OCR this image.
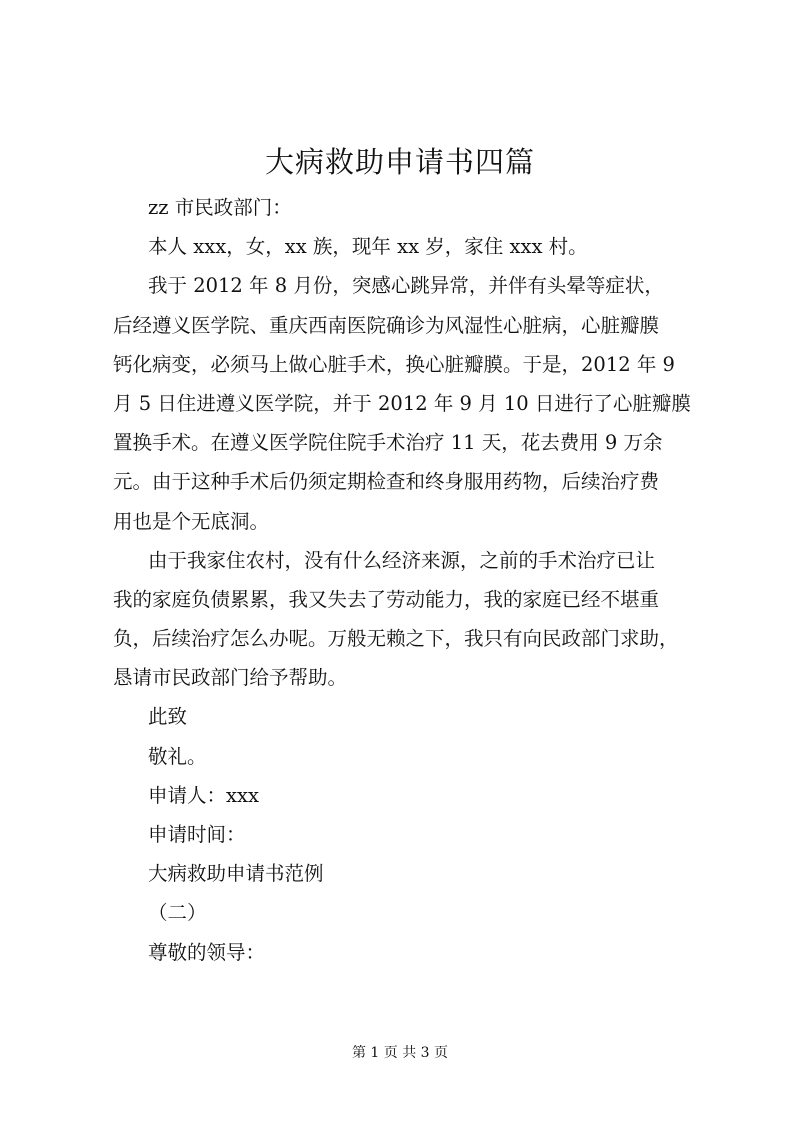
大病救助申请书四篇
zz 市民政部门：
本人 xxx，女，xx 族，现年 xx 岁，家住 xxx 村。
我于 2012 年 8 月份，突感心跳异常，并伴有头晕等症状，
后经遵义医学院、重庆西南医院确诊为风湿性心脏病，心脏瓣膜
钙化病变，必须马上做心脏手术，换心脏瓣膜。于是，2012 年 9
月 5 日住进遵义医学院，并于 2012 年 9 月 10 日进行了心脏瓣膜
置换手术。在遵义医学院住院手术治疗 11 天，花去费用 9 万余
元。由于这种手术后仍须定期检查和终身服用药物，后续治疗费
用也是个无底洞。
由于我家住农村，没有什么经济来源，之前的手术治疗已让
我的家庭负债累累，我又失去了劳动能力，我的家庭已经不堪重
负，后续治疗怎么办呢。万般无赖之下，我只有向民政部门求助，
恳请市民政部门给予帮助。
此致
敬礼。
申请人：xxx
申请时间：
大病救助申请书范例
（二）
尊敬的领导：
第 1 页 共 3 页
